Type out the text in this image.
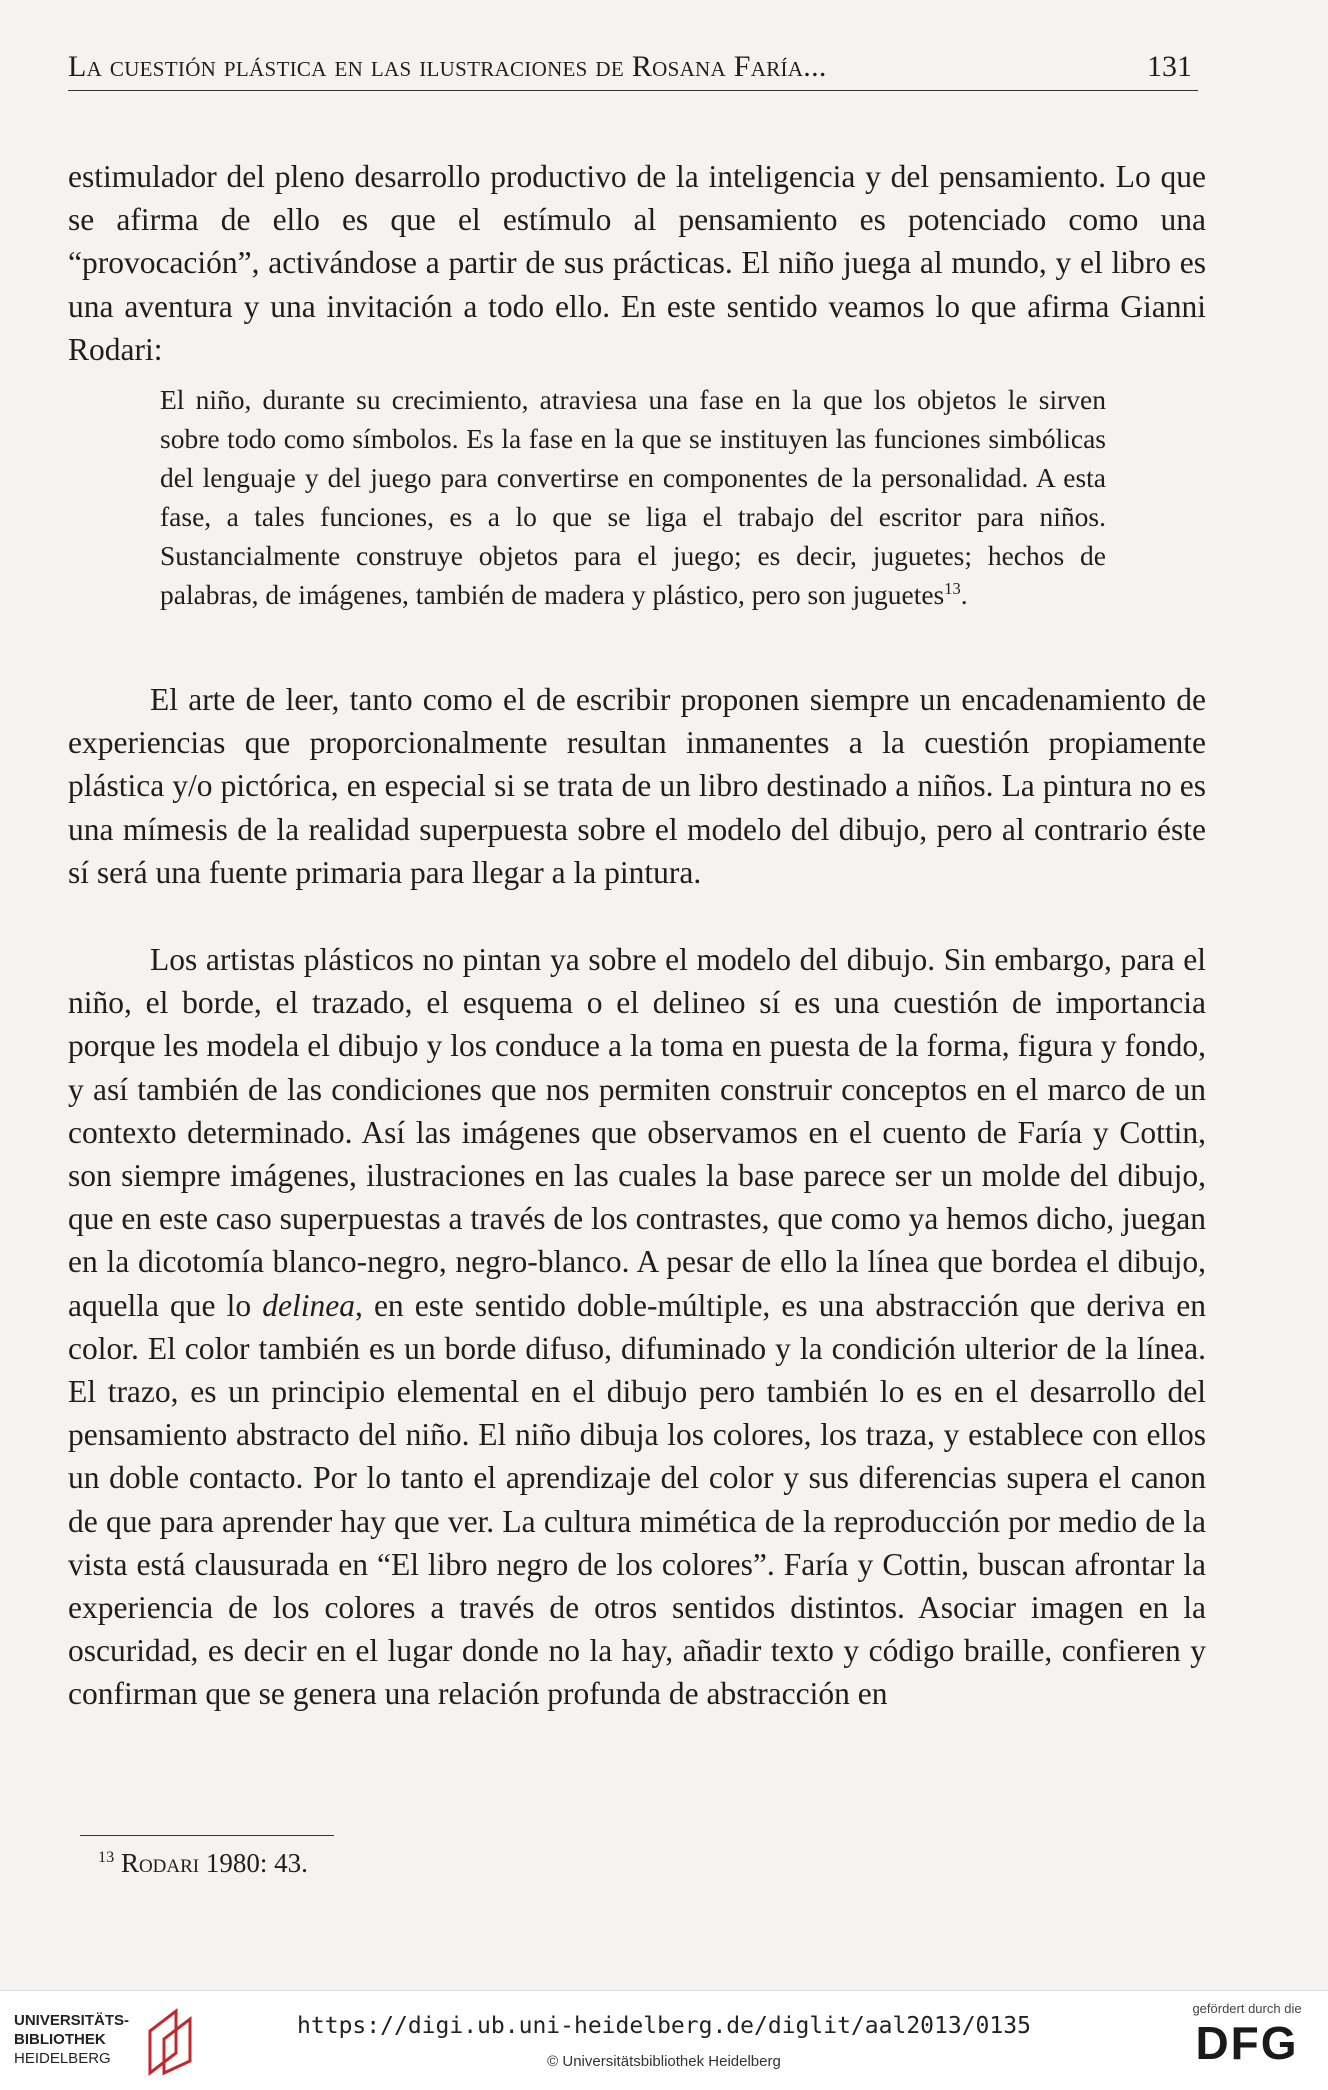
La cuestión plástica en las ilustraciones de Rosana Faría...	131

estimulador del pleno desarrollo productivo de la inteligencia y del pensamiento. Lo que se afirma de ello es que el estímulo al pensamiento es potenciado como una “provocación”, activándose a partir de sus prácticas. El niño juega al mundo, y el libro es una aventura y una invitación a todo ello. En este sentido veamos lo que afirma Gianni Rodari:

El niño, durante su crecimiento, atraviesa una fase en la que los objetos le sirven sobre todo como símbolos. Es la fase en la que se instituyen las funciones simbólicas del lenguaje y del juego para convertirse en componentes de la personalidad. A esta fase, a tales funciones, es a lo que se liga el trabajo del escritor para niños. Sustancialmente construye objetos para el juego; es decir, juguetes; hechos de palabras, de imágenes, también de madera y plástico, pero son juguetes$^{13}$.

El arte de leer, tanto como el de escribir proponen siempre un encadenamiento de experiencias que proporcionalmente resultan inmanentes a la cuestión propiamente plástica y/o pictórica, en especial si se trata de un libro destinado a niños. La pintura no es una mímesis de la realidad superpuesta sobre el modelo del dibujo, pero al contrario éste sí será una fuente primaria para llegar a la pintura.

Los artistas plásticos no pintan ya sobre el modelo del dibujo. Sin embargo, para el niño, el borde, el trazado, el esquema o el delineo sí es una cuestión de importancia porque les modela el dibujo y los conduce a la toma en puesta de la forma, figura y fondo, y así también de las condiciones que nos permiten construir conceptos en el marco de un contexto determinado. Así las imágenes que observamos en el cuento de Faría y Cottin, son siempre imágenes, ilustraciones en las cuales la base parece ser un molde del dibujo, que en este caso superpuestas a través de los contrastes, que como ya hemos dicho, juegan en la dicotomía blanco-negro, negro-blanco. A pesar de ello la línea que bordea el dibujo, aquella que lo delinea, en este sentido doble-múltiple, es una abstracción que deriva en color. El color también es un borde difuso, difuminado y la condición ulterior de la línea. El trazo, es un principio elemental en el dibujo pero también lo es en el desarrollo del pensamiento abstracto del niño. El niño dibuja los colores, los traza, y establece con ellos un doble contacto. Por lo tanto el aprendizaje del color y sus diferencias supera el canon de que para aprender hay que ver. La cultura mimética de la reproducción por medio de la vista está clausurada en “El libro negro de los colores”. Faría y Cottin, buscan afrontar la experiencia de los colores a través de otros sentidos distintos. Asociar imagen en la oscuridad, es decir en el lugar donde no la hay, añadir texto y código braille, confieren y confirman que se genera una relación profunda de abstracción en

$^{13}$ Rodari 1980: 43.
UNIVERSITÄTS-
BIBLIOTHEK
HEIDELBERG
https://digi.ub.uni-heidelberg.de/diglit/aal2013/0135
© Universitätsbibliothek Heidelberg
gefördert durch die
DFG
